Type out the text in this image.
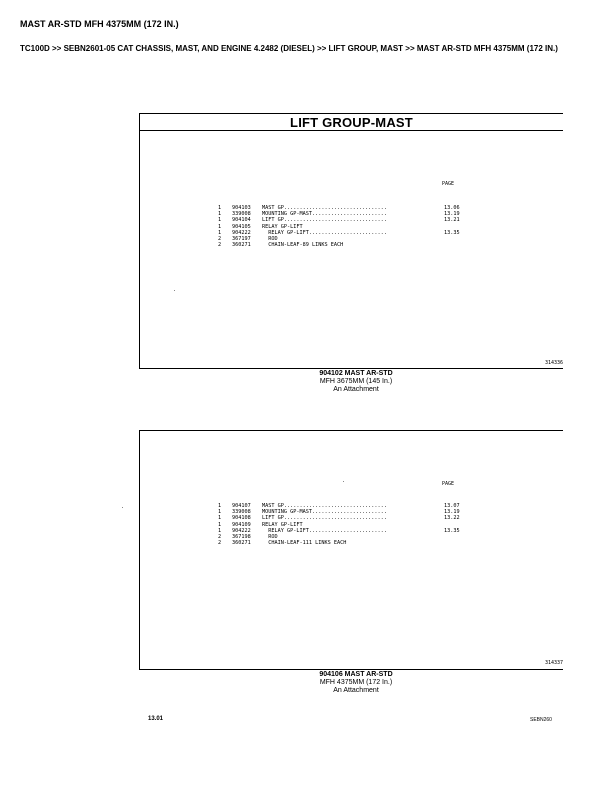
MAST AR-STD MFH 4375MM (172 IN.)

TC100D >> SEBN2601-05 CAT CHASSIS, MAST, AND ENGINE 4.2482 (DIESEL) >> LIFT GROUP, MAST >> MAST AR-STD MFH 4375MM (172 IN.)

LIFT GROUP-MAST
PAGE
1	904103	MAST GP.................................	13.06
1	339008	MOUNTING GP-MAST........................	13.19
1	904104	LIFT GP.................................	13.21
1	904105	RELAY GP-LIFT
1	904222	RELAY GP-LIFT.........................	13.35
2	367197	ROD
2	360271	CHAIN-LEAF-89 LINKS EACH
314336
904102 MAST AR-STD
MFH 3675MM (145 In.)
An Attachment
PAGE
1	904107	MAST GP.................................	13.07
1	339008	MOUNTING GP-MAST........................	13.19
1	904108	LIFT GP.................................	13.22
1	904109	RELAY GP-LIFT
1	904222	RELAY GP-LIFT.........................	13.35
2	367198	ROD
2	360271	CHAIN-LEAF-111 LINKS EACH
314337
904106 MAST AR-STD
MFH 4375MM (172 In.)
An Attachment
13.01	SEBN260
